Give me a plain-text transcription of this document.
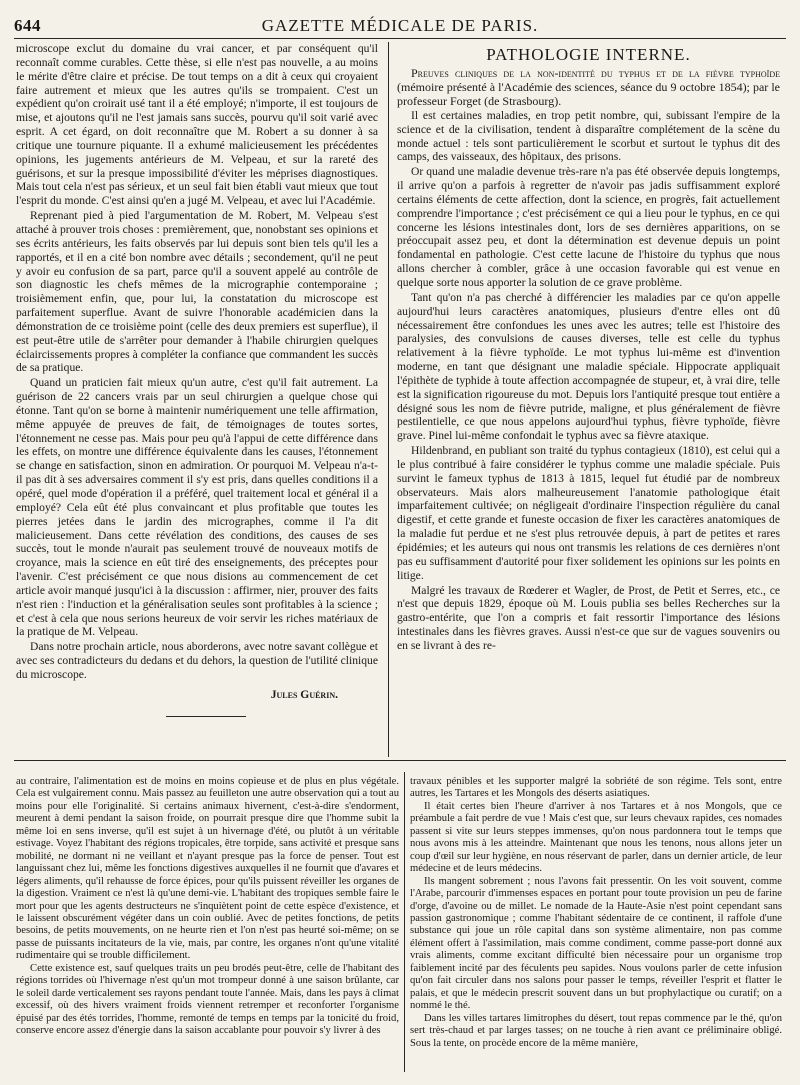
644	GAZETTE MÉDICALE DE PARIS.

microscope exclut du domaine du vrai cancer, et par conséquent qu'il reconnaît comme curables. Cette thèse, si elle n'est pas nouvelle, a au moins le mérite d'être claire et précise. De tout temps on a dit à ceux qui croyaient faire autrement et mieux que les autres qu'ils se trompaient. C'est un expédient qu'on croirait usé tant il a été employé; n'importe, il est toujours de mise, et ajoutons qu'il ne l'est jamais sans succès, pourvu qu'il soit varié avec esprit. A cet égard, on doit reconnaître que M. Robert a su donner à sa critique une tournure piquante. Il a exhumé malicieusement les précédentes opinions, les jugements antérieurs de M. Velpeau, et sur la rareté des guérisons, et sur la presque impossibilité d'éviter les méprises diagnostiques. Mais tout cela n'est pas sérieux, et un seul fait bien établi vaut mieux que tout l'esprit du monde. C'est ainsi qu'en a jugé M. Velpeau, et avec lui l'Académie.

Reprenant pied à pied l'argumentation de M. Robert, M. Velpeau s'est attaché à prouver trois choses : premièrement, que, nonobstant ses opinions et ses écrits antérieurs, les faits observés par lui depuis sont bien tels qu'il les a rapportés, et il en a cité bon nombre avec détails ; secondement, qu'il ne peut y avoir eu confusion de sa part, parce qu'il a souvent appelé au contrôle de son diagnostic les chefs mêmes de la micrographie contemporaine ; troisièmement enfin, que, pour lui, la constatation du microscope est parfaitement superflue. Avant de suivre l'honorable académicien dans la démonstration de ce troisième point (celle des deux premiers est superflue), il est peut-être utile de s'arrêter pour demander à l'habile chirurgien quelques éclaircissements propres à compléter la confiance que commandent les succès de sa pratique.

Quand un praticien fait mieux qu'un autre, c'est qu'il fait autrement. La guérison de 22 cancers vrais par un seul chirurgien a quelque chose qui étonne. Tant qu'on se borne à maintenir numériquement une telle affirmation, même appuyée de preuves de fait, de témoignages de toutes sortes, l'étonnement ne cesse pas. Mais pour peu qu'à l'appui de cette différence dans les effets, on montre une différence équivalente dans les causes, l'étonnement se change en satisfaction, sinon en admiration. Or pourquoi M. Velpeau n'a-t-il pas dit à ses adversaires comment il s'y est pris, dans quelles conditions il a opéré, quel mode d'opération il a préféré, quel traitement local et général il a employé? Cela eût été plus convaincant et plus profitable que toutes les pierres jetées dans le jardin des micrographes, comme il l'a dit malicieusement. Dans cette révélation des conditions, des causes de ses succès, tout le monde n'aurait pas seulement trouvé de nouveaux motifs de croyance, mais la science en eût tiré des enseignements, des préceptes pour l'avenir. C'est précisément ce que nous disions au commencement de cet article avoir manqué jusqu'ici à la discussion : affirmer, nier, prouver des faits n'est rien : l'induction et la généralisation seules sont profitables à la science ; et c'est à cela que nous serions heureux de voir servir les riches matériaux de la pratique de M. Velpeau.

Dans notre prochain article, nous aborderons, avec notre savant collègue et avec ses contradicteurs du dedans et du dehors, la question de l'utilité clinique du microscope.

Jules Guérin.
PATHOLOGIE INTERNE.

Preuves cliniques de la non-identité du typhus et de la fièvre typhoïde (mémoire présenté à l'Académie des sciences, séance du 9 octobre 1854); par le professeur Forget (de Strasbourg).

Il est certaines maladies, en trop petit nombre, qui, subissant l'empire de la science et de la civilisation, tendent à disparaître complétement de la scène du monde actuel : tels sont particulièrement le scorbut et surtout le typhus dit des camps, des vaisseaux, des hôpitaux, des prisons.

Or quand une maladie devenue très-rare n'a pas été observée depuis longtemps, il arrive qu'on a parfois à regretter de n'avoir pas jadis suffisamment exploré certains éléments de cette affection, dont la science, en progrès, fait actuellement comprendre l'importance ; c'est précisément ce qui a lieu pour le typhus, en ce qui concerne les lésions intestinales dont, lors de ses dernières apparitions, on se préoccupait assez peu, et dont la détermination est devenue depuis un point fondamental en pathologie. C'est cette lacune de l'histoire du typhus que nous allons chercher à combler, grâce à une occasion favorable qui est venue en quelque sorte nous apporter la solution de ce grave problème.

Tant qu'on n'a pas cherché à différencier les maladies par ce qu'on appelle aujourd'hui leurs caractères anatomiques, plusieurs d'entre elles ont dû nécessairement être confondues les unes avec les autres; telle est l'histoire des paralysies, des convulsions de causes diverses, telle est celle du typhus relativement à la fièvre typhoïde. Le mot typhus lui-même est d'invention moderne, en tant que désignant une maladie spéciale. Hippocrate appliquait l'épithète de typhide à toute affection accompagnée de stupeur, et, à vrai dire, telle est la signification rigoureuse du mot. Depuis lors l'antiquité presque tout entière a désigné sous les nom de fièvre putride, maligne, et plus généralement de fièvre pestilentielle, ce que nous appelons aujourd'hui typhus, fièvre typhoïde, fièvre grave. Pinel lui-même confondait le typhus avec sa fièvre ataxique.

Hildenbrand, en publiant son traité du typhus contagieux (1810), est celui qui a le plus contribué à faire considérer le typhus comme une maladie spéciale. Puis survint le fameux typhus de 1813 à 1815, lequel fut étudié par de nombreux observateurs. Mais alors malheureusement l'anatomie pathologique était imparfaitement cultivée; on négligeait d'ordinaire l'inspection régulière du canal digestif, et cette grande et funeste occasion de fixer les caractères anatomiques de la maladie fut perdue et ne s'est plus retrouvée depuis, à part de petites et rares épidémies; et les auteurs qui nous ont transmis les relations de ces dernières n'ont pas eu suffisamment d'autorité pour fixer solidement les opinions sur les points en litige.

Malgré les travaux de Rœderer et Wagler, de Prost, de Petit et Serres, etc., ce n'est que depuis 1829, époque où M. Louis publia ses belles Recherches sur la gastro-entérite, que l'on a compris et fait ressortir l'importance des lésions intestinales dans les fièvres graves. Aussi n'est-ce que sur de vagues souvenirs ou en se livrant à des re-

au contraire, l'alimentation est de moins en moins copieuse et de plus en plus végétale. Cela est vulgairement connu. Mais passez au feuilleton une autre observation qui a tout au moins pour elle l'originalité. Si certains animaux hivernent, c'est-à-dire s'endorment, meurent à demi pendant la saison froide, on pourrait presque dire que l'homme subit la même loi en sens inverse, qu'il est sujet à un hivernage d'été, ou plutôt à un véritable estivage. Voyez l'habitant des régions tropicales, être torpide, sans activité et presque sans mobilité, ne dormant ni ne veillant et n'ayant presque pas la force de penser. Tout est languissant chez lui, même les fonctions digestives auxquelles il ne fournit que d'avares et légers aliments, qu'il rehausse de force épices, pour qu'ils puissent réveiller les organes de la digestion. Vraiment ce n'est là qu'une demi-vie. L'habitant des tropiques semble faire le mort pour que les agents destructeurs ne s'inquiètent point de cette espèce d'existence, et le laissent obscurément végéter dans un coin oublié. Avec de petites fonctions, de petits besoins, de petits mouvements, on ne heurte rien et l'on n'est pas heurté soi-même; on se passe de puissants incitateurs de la vie, mais, par contre, les organes n'ont qu'une vitalité rudimentaire qui se trouble difficilement.

Cette existence est, sauf quelques traits un peu brodés peut-être, celle de l'habitant des régions torrides où l'hivernage n'est qu'un mot trompeur donné à une saison brûlante, car le soleil darde verticalement ses rayons pendant toute l'année. Mais, dans les pays à climat excessif, où des hivers vraiment froids viennent retremper et reconforter l'organisme épuisé par des étés torrides, l'homme, remonté de temps en temps par la tonicité du froid, conserve encore assez d'énergie dans la saison accablante pour pouvoir s'y livrer à des

travaux pénibles et les supporter malgré la sobriété de son régime. Tels sont, entre autres, les Tartares et les Mongols des déserts asiatiques.

Il était certes bien l'heure d'arriver à nos Tartares et à nos Mongols, que ce préambule a fait perdre de vue ! Mais c'est que, sur leurs chevaux rapides, ces nomades passent si vite sur leurs steppes immenses, qu'on nous pardonnera tout le temps que nous avons mis à les atteindre. Maintenant que nous les tenons, nous allons jeter un coup d'œil sur leur hygiène, en nous réservant de parler, dans un dernier article, de leur médecine et de leurs médecins.

Ils mangent sobrement ; nous l'avons fait pressentir. On les voit souvent, comme l'Arabe, parcourir d'immenses espaces en portant pour toute provision un peu de farine d'orge, d'avoine ou de millet. Le nomade de la Haute-Asie n'est point cependant sans passion gastronomique ; comme l'habitant sédentaire de ce continent, il raffole d'une substance qui joue un rôle capital dans son système alimentaire, non pas comme élément offert à l'assimilation, mais comme condiment, comme passe-port donné aux vrais aliments, comme excitant difficulté bien nécessaire pour un organisme trop faiblement incité par des féculents peu sapides. Nous voulons parler de cette infusion qu'on fait circuler dans nos salons pour passer le temps, réveiller l'esprit et flatter le palais, et que le médecin prescrit souvent dans un but prophylactique ou curatif; on a nommé le thé.

Dans les villes tartares limitrophes du désert, tout repas commence par le thé, qu'on sert très-chaud et par larges tasses; on ne touche à rien avant ce préliminaire obligé. Sous la tente, on procède encore de la même manière,
